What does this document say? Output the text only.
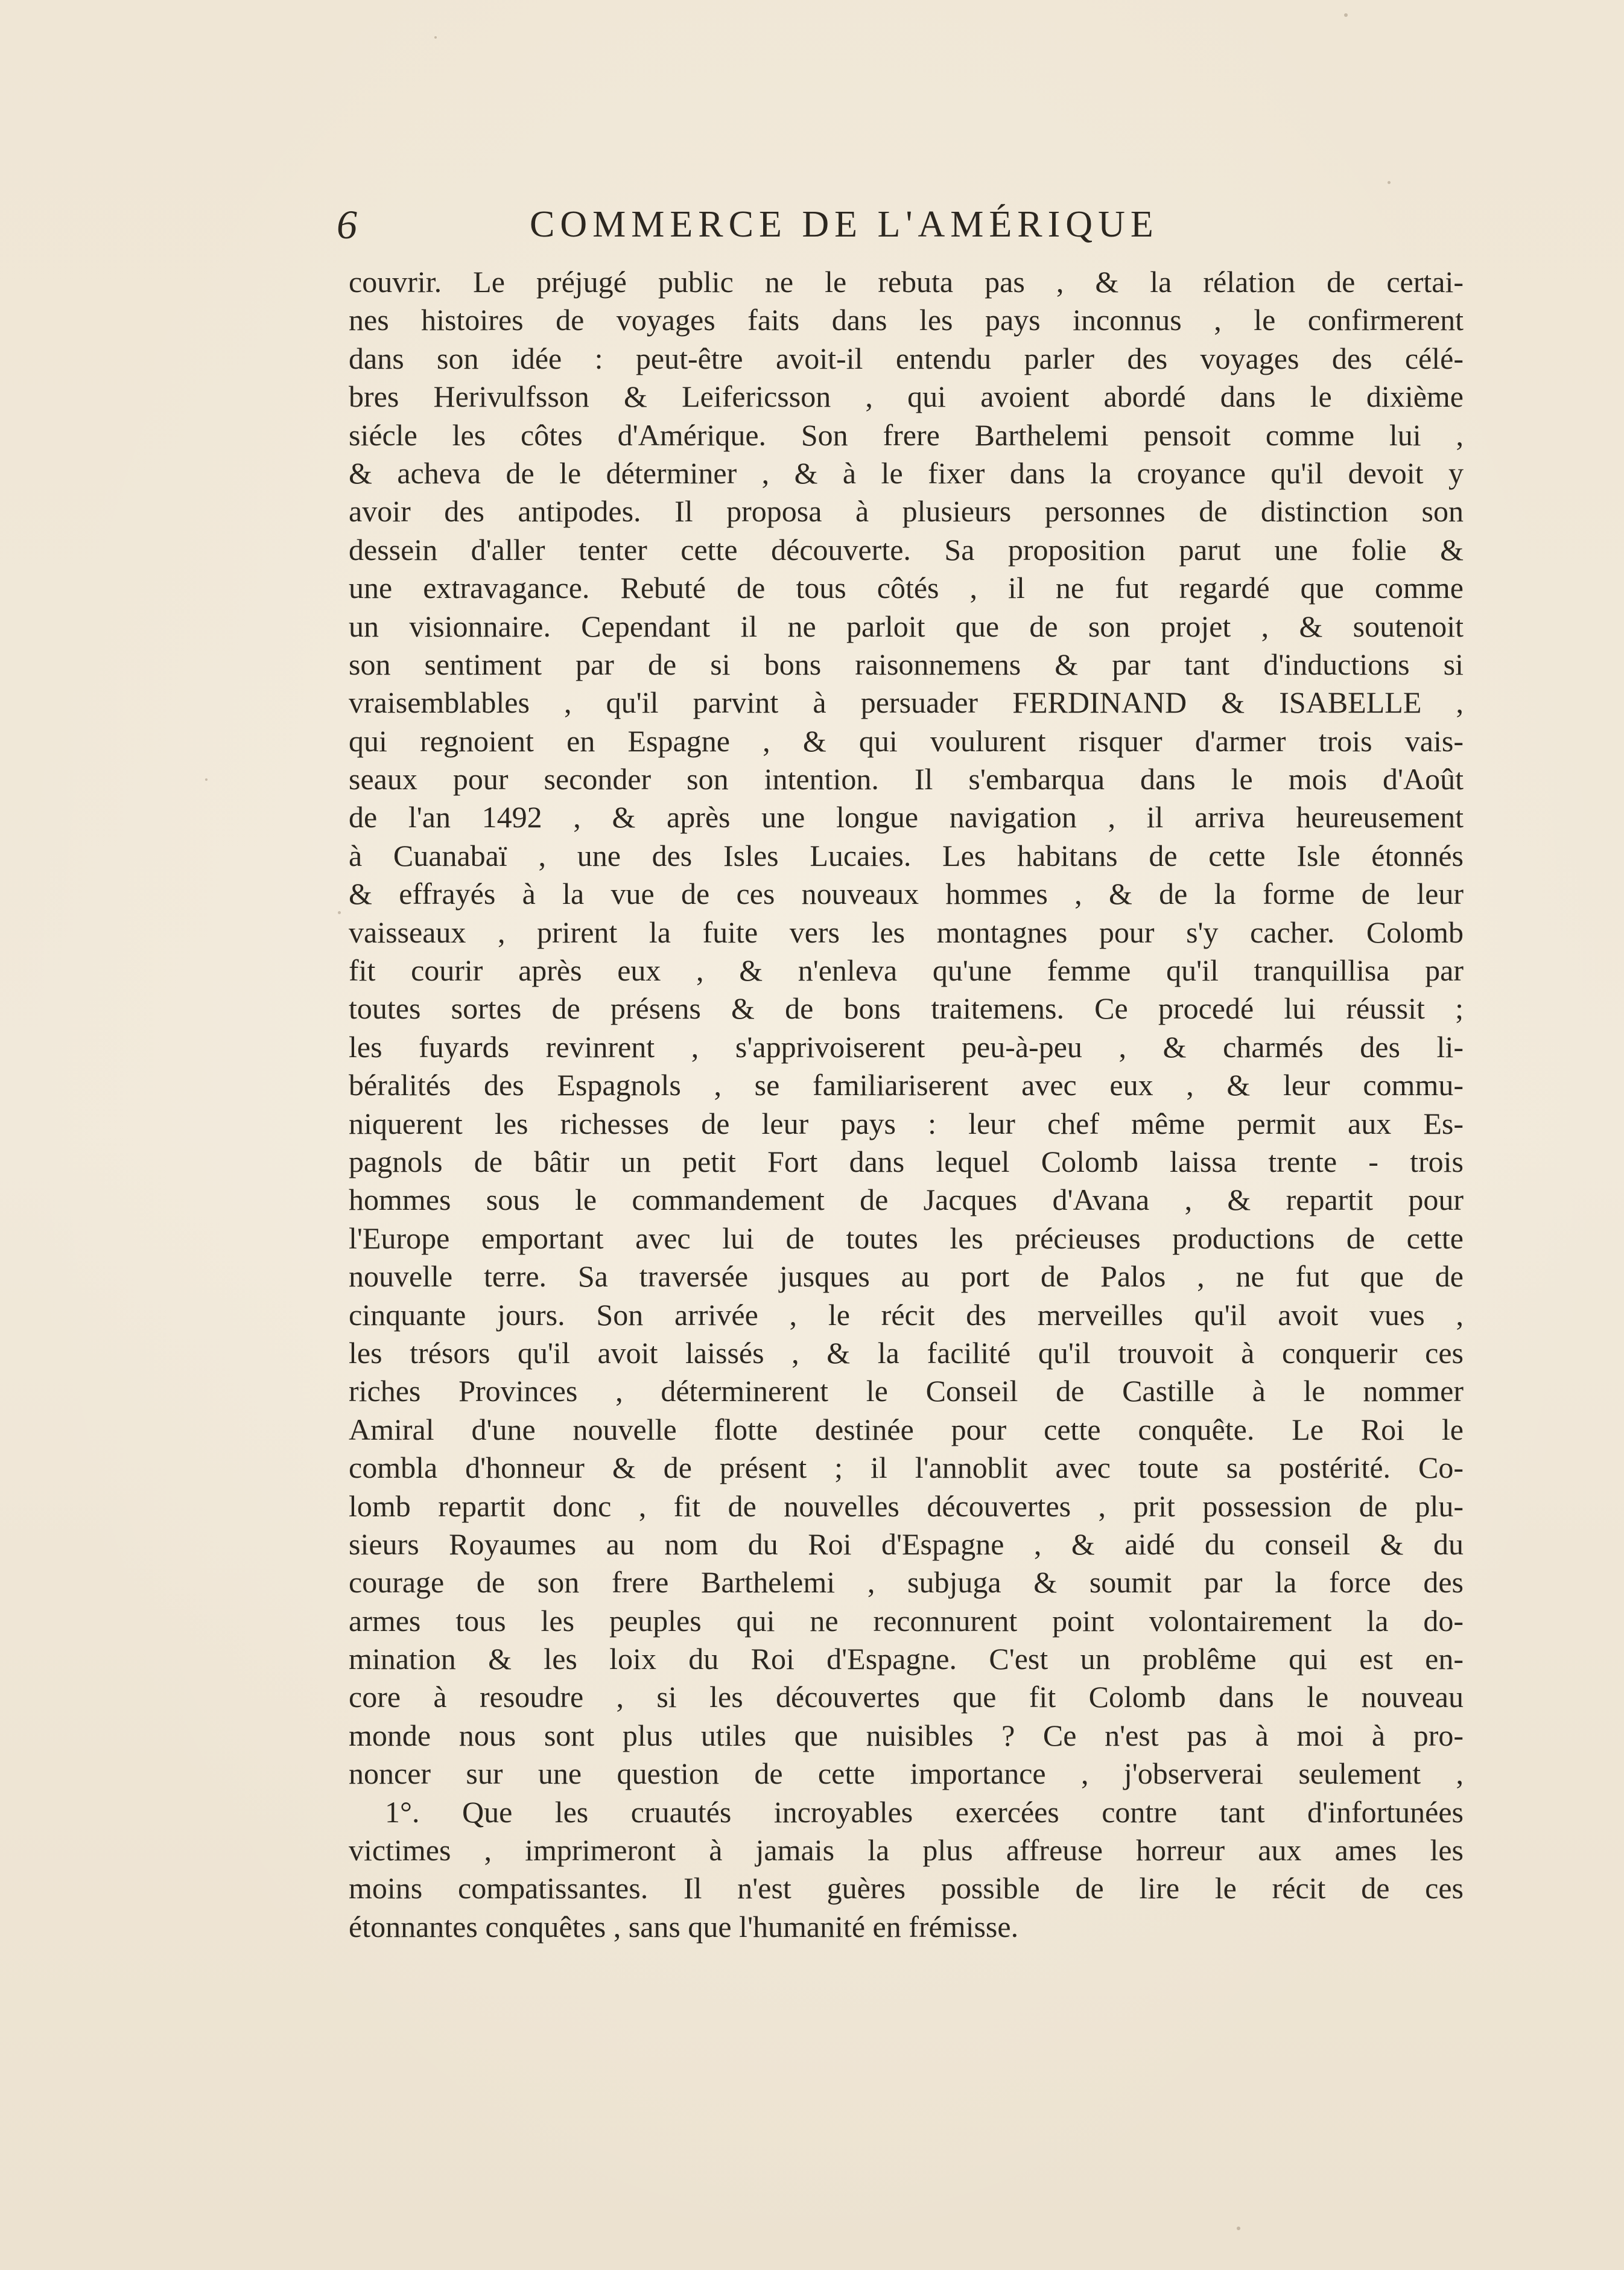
6	COMMERCE DE L'AMÉRIQUE
couvrir. Le préjugé public ne le rebuta pas , & la rélation de certai-
nes histoires de voyages faits dans les pays inconnus , le confirmerent
dans son idée : peut-être avoit-il entendu parler des voyages des célé-
bres Herivulfsson & Leifericsson , qui avoient abordé dans le dixième
siécle les côtes d'Amérique. Son frere Barthelemi pensoit comme lui ,
& acheva de le déterminer , & à le fixer dans la croyance qu'il devoit y
avoir des antipodes. Il proposa à plusieurs personnes de distinction son
dessein d'aller tenter cette découverte. Sa proposition parut une folie &
une extravagance. Rebuté de tous côtés , il ne fut regardé que comme
un visionnaire. Cependant il ne parloit que de son projet , & soutenoit
son sentiment par de si bons raisonnemens & par tant d'inductions si
vraisemblables , qu'il parvint à persuader FERDINAND & ISABELLE ,
qui regnoient en Espagne , & qui voulurent risquer d'armer trois vais-
seaux pour seconder son intention. Il s'embarqua dans le mois d'Août
de l'an 1492 , & après une longue navigation , il arriva heureusement
à Cuanabaï , une des Isles Lucaies. Les habitans de cette Isle étonnés
& effrayés à la vue de ces nouveaux hommes , & de la forme de leur
vaisseaux , prirent la fuite vers les montagnes pour s'y cacher. Colomb
fit courir après eux , & n'enleva qu'une femme qu'il tranquillisa par
toutes sortes de présens & de bons traitemens. Ce procedé lui réussit ;
les fuyards revinrent , s'apprivoiserent peu-à-peu , & charmés des li-
béralités des Espagnols , se familiariserent avec eux , & leur commu-
niquerent les richesses de leur pays : leur chef même permit aux Es-
pagnols de bâtir un petit Fort dans lequel Colomb laissa trente - trois
hommes sous le commandement de Jacques d'Avana , & repartit pour
l'Europe emportant avec lui de toutes les précieuses productions de cette
nouvelle terre. Sa traversée jusques au port de Palos , ne fut que de
cinquante jours. Son arrivée , le récit des merveilles qu'il avoit vues ,
les trésors qu'il avoit laissés , & la facilité qu'il trouvoit à conquerir ces
riches Provinces , déterminerent le Conseil de Castille à le nommer
Amiral d'une nouvelle flotte destinée pour cette conquête. Le Roi le
combla d'honneur & de présent ; il l'annoblit avec toute sa postérité. Co-
lomb repartit donc , fit de nouvelles découvertes , prit possession de plu-
sieurs Royaumes au nom du Roi d'Espagne , & aidé du conseil & du
courage de son frere Barthelemi , subjuga & soumit par la force des
armes tous les peuples qui ne reconnurent point volontairement la do-
mination & les loix du Roi d'Espagne. C'est un problême qui est en-
core à resoudre , si les découvertes que fit Colomb dans le nouveau
monde nous sont plus utiles que nuisibles ? Ce n'est pas à moi à pro-
noncer sur une question de cette importance , j'observerai seulement ,
1°. Que les cruautés incroyables exercées contre tant d'infortunées
victimes , imprimeront à jamais la plus affreuse horreur aux ames les
moins compatissantes. Il n'est guères possible de lire le récit de ces
étonnantes conquêtes , sans que l'humanité en frémisse.
